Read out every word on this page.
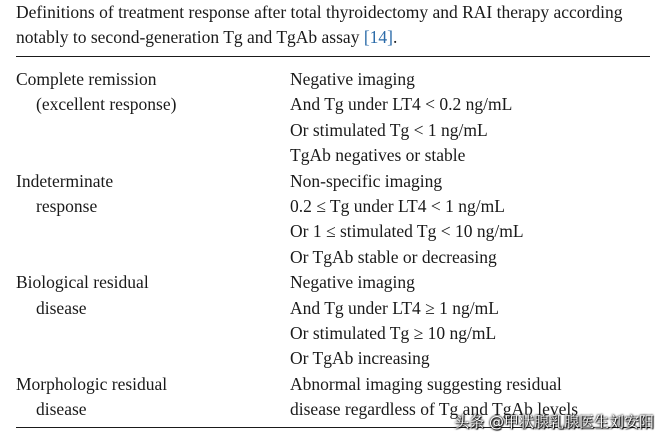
Definitions of treatment response after total thyroidectomy and RAI therapy according notably to second-generation Tg and TgAb assay [14].
Complete remission
(excellent response)
Negative imaging
And Tg under LT4 < 0.2 ng/mL
Or stimulated Tg < 1 ng/mL
TgAb negatives or stable
Indeterminate
response
Non-specific imaging
0.2 ≤ Tg under LT4 < 1 ng/mL
Or 1 ≤ stimulated Tg < 10 ng/mL
Or TgAb stable or decreasing
Biological residual
disease
Negative imaging
And Tg under LT4 ≥ 1 ng/mL
Or stimulated Tg ≥ 10 ng/mL
Or TgAb increasing
Morphologic residual
disease
Abnormal imaging suggesting residual
disease regardless of Tg and TgAb levels
头条 @甲状腺乳腺医生刘安阳
